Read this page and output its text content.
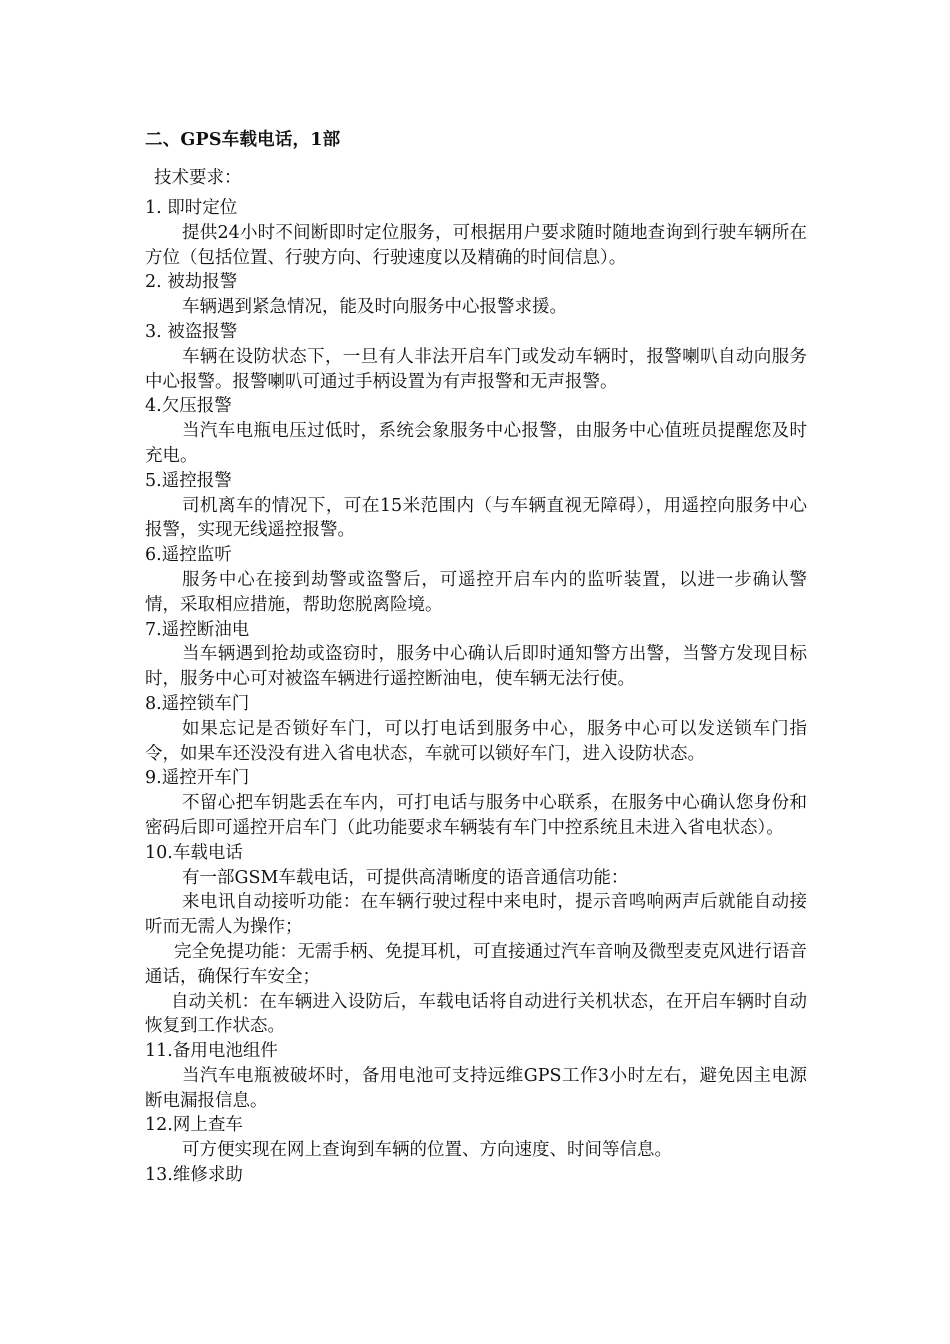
二、GPS车载电话，1部
技术要求：
1. 即时定位
提供24小时不间断即时定位服务，可根据用户要求随时随地查询到行驶车辆所在方位（包括位置、行驶方向、行驶速度以及精确的时间信息）。
2. 被劫报警
车辆遇到紧急情况，能及时向服务中心报警求援。
3. 被盗报警
车辆在设防状态下，一旦有人非法开启车门或发动车辆时，报警喇叭自动向服务中心报警。报警喇叭可通过手柄设置为有声报警和无声报警。
4.欠压报警
当汽车电瓶电压过低时，系统会象服务中心报警，由服务中心值班员提醒您及时充电。
5.遥控报警
司机离车的情况下，可在15米范围内（与车辆直视无障碍），用遥控向服务中心报警，实现无线遥控报警。
6.遥控监听
服务中心在接到劫警或盗警后，可遥控开启车内的监听装置，以进一步确认警情，采取相应措施，帮助您脱离险境。
7.遥控断油电
当车辆遇到抢劫或盗窃时，服务中心确认后即时通知警方出警，当警方发现目标时，服务中心可对被盗车辆进行遥控断油电，使车辆无法行使。
8.遥控锁车门
如果忘记是否锁好车门，可以打电话到服务中心，服务中心可以发送锁车门指令，如果车还没没有进入省电状态，车就可以锁好车门，进入设防状态。
9.遥控开车门
不留心把车钥匙丢在车内，可打电话与服务中心联系，在服务中心确认您身份和密码后即可遥控开启车门（此功能要求车辆装有车门中控系统且未进入省电状态）。
10.车载电话
有一部GSM车载电话，可提供高清晰度的语音通信功能：
来电讯自动接听功能：在车辆行驶过程中来电时，提示音鸣响两声后就能自动接听而无需人为操作；
完全免提功能：无需手柄、免提耳机，可直接通过汽车音响及微型麦克风进行语音通话，确保行车安全；
自动关机：在车辆进入设防后，车载电话将自动进行关机状态，在开启车辆时自动恢复到工作状态。
11.备用电池组件
当汽车电瓶被破坏时，备用电池可支持远维GPS工作3小时左右，避免因主电源断电漏报信息。
12.网上查车
可方便实现在网上查询到车辆的位置、方向速度、时间等信息。
13.维修求助
